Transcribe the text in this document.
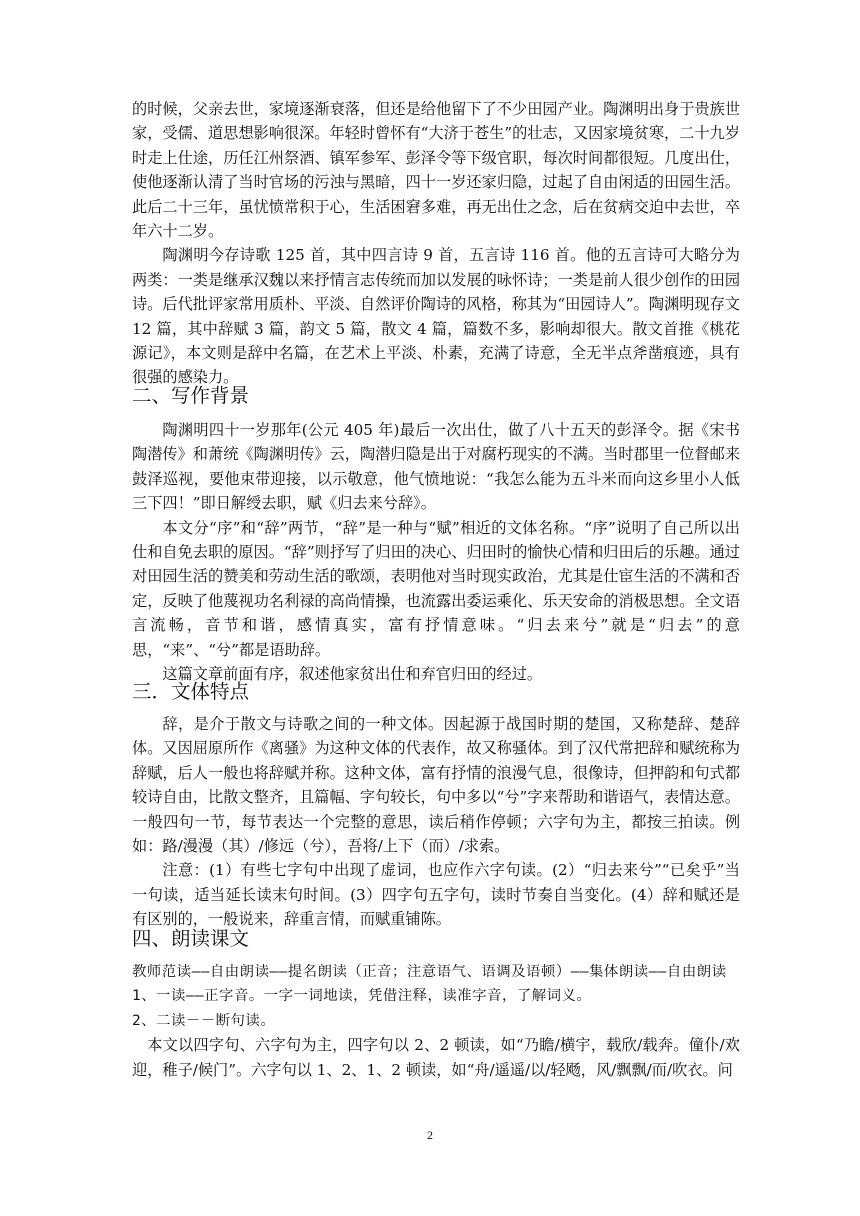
的时候，父亲去世，家境逐渐衰落，但还是给他留下了不少田园产业。陶渊明出身于贵族世家，受儒、道思想影响很深。年轻时曾怀有“大济于苍生”的壮志，又因家境贫寒，二十九岁时走上仕途，历任江州祭酒、镇军参军、彭泽令等下级官职，每次时间都很短。几度出仕，使他逐渐认清了当时官场的污浊与黑暗，四十一岁还家归隐，过起了自由闲适的田园生活。此后二十三年，虽忧愤常积于心，生活困窘多难，再无出仕之念，后在贫病交迫中去世，卒年六十二岁。

陶渊明今存诗歌 125 首，其中四言诗 9 首，五言诗 116 首。他的五言诗可大略分为两类：一类是继承汉魏以来抒情言志传统而加以发展的咏怀诗；一类是前人很少创作的田园诗。后代批评家常用质朴、平淡、自然评价陶诗的风格，称其为“田园诗人”。陶渊明现存文 12 篇，其中辞赋 3 篇，韵文 5 篇，散文 4 篇，篇数不多，影响却很大。散文首推《桃花源记》，本文则是辞中名篇，在艺术上平淡、朴素，充满了诗意，全无半点斧凿痕迹，具有很强的感染力。

二、写作背景

陶渊明四十一岁那年(公元 405 年)最后一次出仕，做了八十五天的彭泽令。据《宋书陶潜传》和萧统《陶渊明传》云，陶潜归隐是出于对腐朽现实的不满。当时郡里一位督邮来鼓泽巡视，要他束带迎接，以示敬意，他气愤地说：“我怎么能为五斗米而向这乡里小人低三下四！”即日解绶去职，赋《归去来兮辞》。

本文分“序”和“辞”两节，“辞”是一种与“赋”相近的文体名称。“序”说明了自己所以出仕和自免去职的原因。“辞”则抒写了归田的决心、归田时的愉快心情和归田后的乐趣。通过对田园生活的赞美和劳动生活的歌颂，表明他对当时现实政治，尤其是仕宦生活的不满和否定，反映了他蔑视功名利禄的高尚情操，也流露出委运乘化、乐天安命的消极思想。全文语言流畅，音节和谐，感情真实，富有抒情意味。“归去来兮”就是“归去”的意思，“来”、“兮”都是语助辞。

这篇文章前面有序，叙述他家贫出仕和弃官归田的经过。

三．文体特点

辞，是介于散文与诗歌之间的一种文体。因起源于战国时期的楚国，又称楚辞、楚辞体。又因屈原所作《离骚》为这种文体的代表作，故又称骚体。到了汉代常把辞和赋统称为辞赋，后人一般也将辞赋并称。这种文体，富有抒情的浪漫气息，很像诗，但押韵和句式都较诗自由，比散文整齐，且篇幅、字句较长，句中多以“兮”字来帮助和谐语气，表情达意。一般四句一节，每节表达一个完整的意思，读后稍作停顿；六字句为主，都按三拍读。例如：路/漫漫（其）/修远（兮），吾将/上下（而）/求索。

注意：(1）有些七字句中出现了虚词，也应作六字句读。(2）“归去来兮”“已矣乎”当一句读，适当延长读末句时间。(3）四字句五字句，读时节奏自当变化。(4）辞和赋还是有区别的，一般说来，辞重言情，而赋重铺陈。

四、朗读课文

教师范读——自由朗读——提名朗读（正音；注意语气、语调及语顿）——集体朗读——自由朗读

1、一读——正字音。一字一词地读，凭借注释，读准字音，了解词义。

2、二读－－断句读。

本文以四字句、六字句为主，四字句以 2、2 顿读，如“乃瞻/横宇，载欣/载奔。僮仆/欢迎，稚子/候门”。六字句以 1、2、1、2 顿读，如“舟/遥遥/以/轻飏，风/飘飘/而/吹衣。问

2
